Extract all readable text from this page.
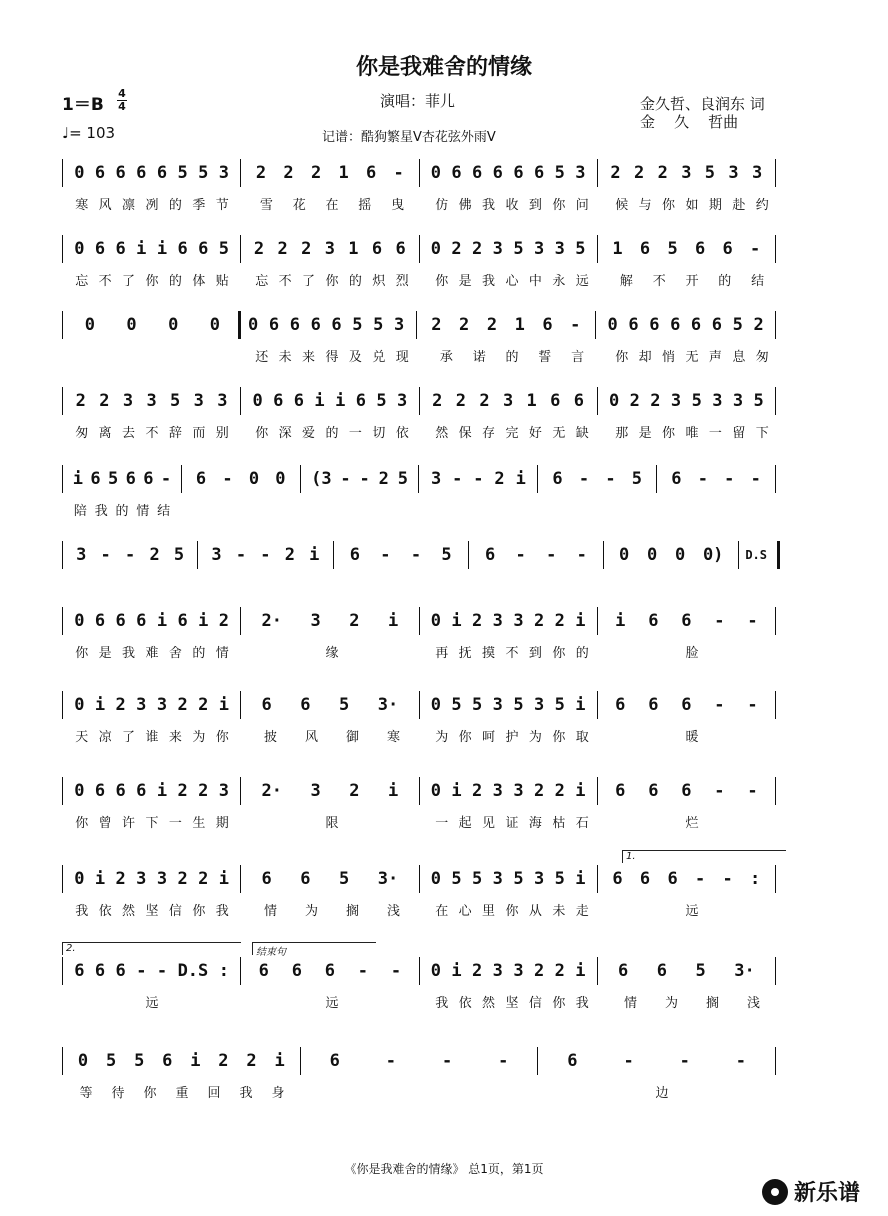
你是我难舍的情缘
1＝B
4
4
♩= 103
演唱：菲儿	金久哲、良润东 词
金    久    哲曲
记谱：酷狗繁星V杏花弦外雨V
0 6 6 6 6 5 5 3 2 2 2 1 6 - 0 6 6 6 6 6 5 3 2 2 2 3 5 3 3
寒 风 凛 冽 的 季 节 雪 花 在 摇 曳 仿 佛 我 收 到 你 问 候 与 你 如 期 赴 约
0 6 6 i i 6 6 5 2 2 2 3 1 6 6 0 2 2 3 5 3 3 5 1 6 5 6 6 -
忘 不 了 你 的 体 贴 忘 不 了 你 的 炽 烈 你 是 我 心 中 永 远 解 不 开 的 结
0 0 0 0 0 6 6 6 6 5 5 3 2 2 2 1 6 - 0 6 6 6 6 6 5 2
还 未 来 得 及 兑 现 承 诺 的 誓 言 你 却 悄 无 声 息 匆
2 2 3 3 5 3 3 0 6 6 i i 6 5 3 2 2 2 3 1 6 6 0 2 2 3 5 3 3 5
匆 离 去 不 辞 而 别 你 深 爱 的 一 切 依 然 保 存 完 好 无 缺 那 是 你 唯 一 留 下
i 6 5 6 6 - 6 - 0 0 (3 - - 2 5 3 - - 2 i 6 - - 5 6 - - -
陪 我 的 情 结
3 - - 2 5 3 - - 2 i 6 - - 5 6 - - - 0 0 0 0) D.S
0 6 6 6 i 6 i 2 2· 3 2 i 0 i 2 3 3 2 2 i i 6 6 - -
你 是 我 难 舍 的 情	缘	再 抚 摸 不 到 你 的	脸
0 i 2 3 3 2 2 i 6 6 5 3· 0 5 5 3 5 3 5 i 6 6 6 - -
天 凉 了 谁 来 为 你	披 风 御 寒	为 你 呵 护 为 你 取	暖
0 6 6 6 i 2 2 3 2· 3 2 i 0 i 2 3 3 2 2 i 6 6 6 - -
你 曾 许 下 一 生 期	限	一 起 见 证 海 枯 石	烂
1.
0 i 2 3 3 2 2 i 6 6 5 3· 0 5 5 3 5 3 5 i 6 6 6 - - :
我 依 然 坚 信 你 我	情 为 搁 浅	在 心 里 你 从 未 走	远
2.	结束句
6 6 6 - - D.S : 6 6 6 - - 0 i 2 3 3 2 2 i 6 6 5 3·
远	远	我 依 然 坚 信 你 我	情 为 搁 浅
0 5 5 6 i 2 2 i	6	-	-	-	6	-	-	-
等 待 你 重 回 我 身	边
《你是我难舍的情缘》 总1页，第1页
新乐谱
